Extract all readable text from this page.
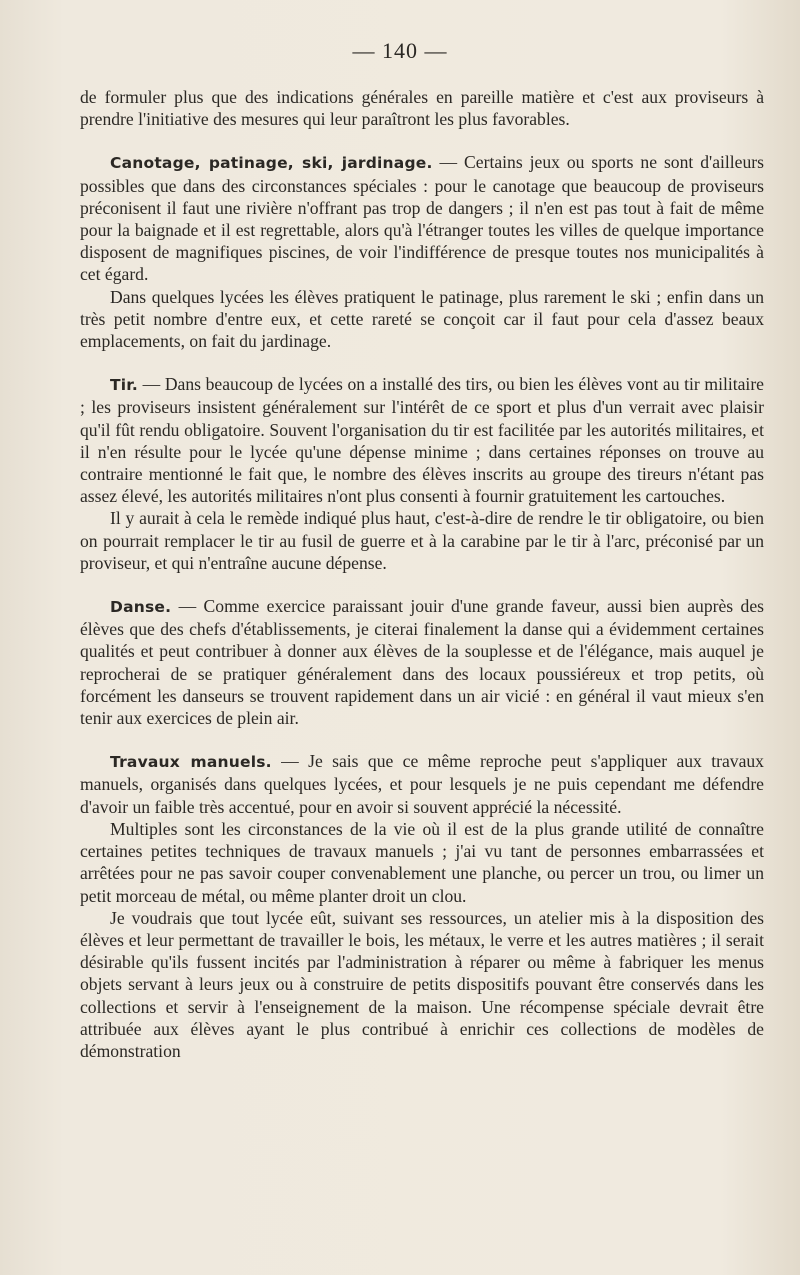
— 140 —

de formuler plus que des indications générales en pareille matière et c'est aux proviseurs à prendre l'initiative des mesures qui leur paraîtront les plus favorables.

Canotage, patinage, ski, jardinage. — Certains jeux ou sports ne sont d'ailleurs possibles que dans des circonstances spéciales : pour le canotage que beaucoup de proviseurs préconisent il faut une rivière n'offrant pas trop de dangers ; il n'en est pas tout à fait de même pour la baignade et il est regrettable, alors qu'à l'étranger toutes les villes de quelque importance disposent de magnifiques piscines, de voir l'indifférence de presque toutes nos municipalités à cet égard.

Dans quelques lycées les élèves pratiquent le patinage, plus rarement le ski ; enfin dans un très petit nombre d'entre eux, et cette rareté se conçoit car il faut pour cela d'assez beaux emplacements, on fait du jardinage.

Tir. — Dans beaucoup de lycées on a installé des tirs, ou bien les élèves vont au tir militaire ; les proviseurs insistent généralement sur l'intérêt de ce sport et plus d'un verrait avec plaisir qu'il fût rendu obligatoire. Souvent l'organisation du tir est facilitée par les autorités militaires, et il n'en résulte pour le lycée qu'une dépense minime ; dans certaines réponses on trouve au contraire mentionné le fait que, le nombre des élèves inscrits au groupe des tireurs n'étant pas assez élevé, les autorités militaires n'ont plus consenti à fournir gratuitement les cartouches.

Il y aurait à cela le remède indiqué plus haut, c'est-à-dire de rendre le tir obligatoire, ou bien on pourrait remplacer le tir au fusil de guerre et à la carabine par le tir à l'arc, préconisé par un proviseur, et qui n'entraîne aucune dépense.

Danse. — Comme exercice paraissant jouir d'une grande faveur, aussi bien auprès des élèves que des chefs d'établissements, je citerai finalement la danse qui a évidemment certaines qualités et peut contribuer à donner aux élèves de la souplesse et de l'élégance, mais auquel je reprocherai de se pratiquer généralement dans des locaux poussiéreux et trop petits, où forcément les danseurs se trouvent rapidement dans un air vicié : en général il vaut mieux s'en tenir aux exercices de plein air.

Travaux manuels. — Je sais que ce même reproche peut s'appliquer aux travaux manuels, organisés dans quelques lycées, et pour lesquels je ne puis cependant me défendre d'avoir un faible très accentué, pour en avoir si souvent apprécié la nécessité.

Multiples sont les circonstances de la vie où il est de la plus grande utilité de connaître certaines petites techniques de travaux manuels ; j'ai vu tant de personnes embarrassées et arrêtées pour ne pas savoir couper convenablement une planche, ou percer un trou, ou limer un petit morceau de métal, ou même planter droit un clou.

Je voudrais que tout lycée eût, suivant ses ressources, un atelier mis à la disposition des élèves et leur permettant de travailler le bois, les métaux, le verre et les autres matières ; il serait désirable qu'ils fussent incités par l'administration à réparer ou même à fabriquer les menus objets servant à leurs jeux ou à construire de petits dispositifs pouvant être conservés dans les collections et servir à l'enseignement de la maison. Une récompense spéciale devrait être attribuée aux élèves ayant le plus contribué à enrichir ces collections de modèles de démonstration
